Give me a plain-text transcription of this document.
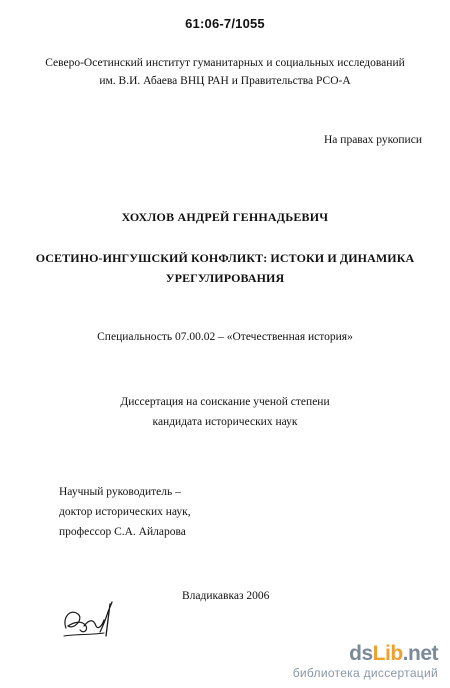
61:06-7/1055
Северо-Осетинский институт гуманитарных и социальных исследований
им. В.И. Абаева ВНЦ РАН и Правительства РСО-А
На правах рукописи
ХОХЛОВ АНДРЕЙ ГЕННАДЬЕВИЧ
ОСЕТИНО-ИНГУШСКИЙ КОНФЛИКТ: ИСТОКИ И ДИНАМИКА
УРЕГУЛИРОВАНИЯ
Специальность 07.00.02 – «Отечественная история»
Диссертация на соискание ученой степени
кандидата исторических наук
Научный руководитель –
доктор исторических наук,
профессор С.А. Айларова
Владикавказ 2006
dsLib.net
библиотека диссертаций
